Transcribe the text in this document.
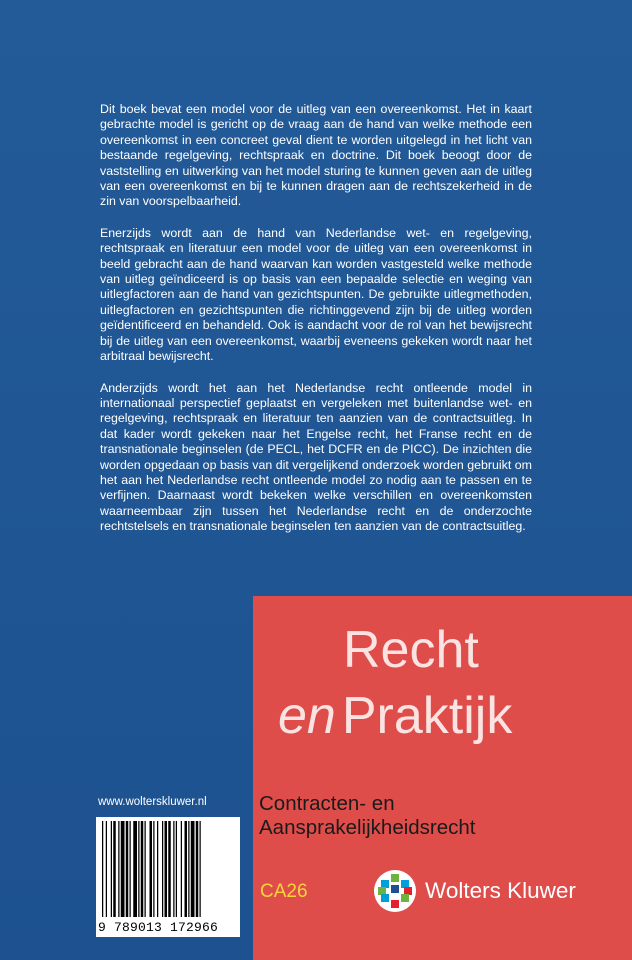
Dit boek bevat een model voor de uitleg van een overeenkomst. Het in kaart gebrachte model is gericht op de vraag aan de hand van welke methode een overeenkomst in een concreet geval dient te worden uitgelegd in het licht van bestaande regelgeving, rechtspraak en doctrine. Dit boek beoogt door de vaststelling en uitwerking van het model sturing te kunnen geven aan de uitleg van een overeenkomst en bij te kunnen dragen aan de rechtszekerheid in de zin van voorspelbaarheid.

Enerzijds wordt aan de hand van Nederlandse wet- en regelgeving, rechtspraak en literatuur een model voor de uitleg van een overeenkomst in beeld gebracht aan de hand waarvan kan worden vastgesteld welke methode van uitleg geïndiceerd is op basis van een bepaalde selectie en weging van uitlegfactoren aan de hand van gezichtspunten. De gebruikte uitlegmethoden, uitlegfactoren en gezichtspunten die richtinggevend zijn bij de uitleg worden geïdentificeerd en behandeld. Ook is aandacht voor de rol van het bewijsrecht bij de uitleg van een overeenkomst, waarbij eveneens gekeken wordt naar het arbitraal bewijsrecht.

Anderzijds wordt het aan het Nederlandse recht ontleende model in internationaal perspectief geplaatst en vergeleken met buitenlandse wet- en regelgeving, rechtspraak en literatuur ten aanzien van de contractsuitleg. In dat kader wordt gekeken naar het Engelse recht, het Franse recht en de transnationale beginselen (de PECL, het DCFR en de PICC). De inzichten die worden opgedaan op basis van dit vergelijkend onderzoek worden gebruikt om het aan het Nederlandse recht ontleende model zo nodig aan te passen en te verfijnen. Daarnaast wordt bekeken welke verschillen en overeenkomsten waarneembaar zijn tussen het Nederlandse recht en de onderzochte rechtstelsels en transnationale beginselen ten aanzien van de contractsuitleg.

www.wolterskluwer.nl
9 789013 172966
Recht
en Praktijk
Contracten- en
Aansprakelijkheidsrecht
CA26	Wolters Kluwer
